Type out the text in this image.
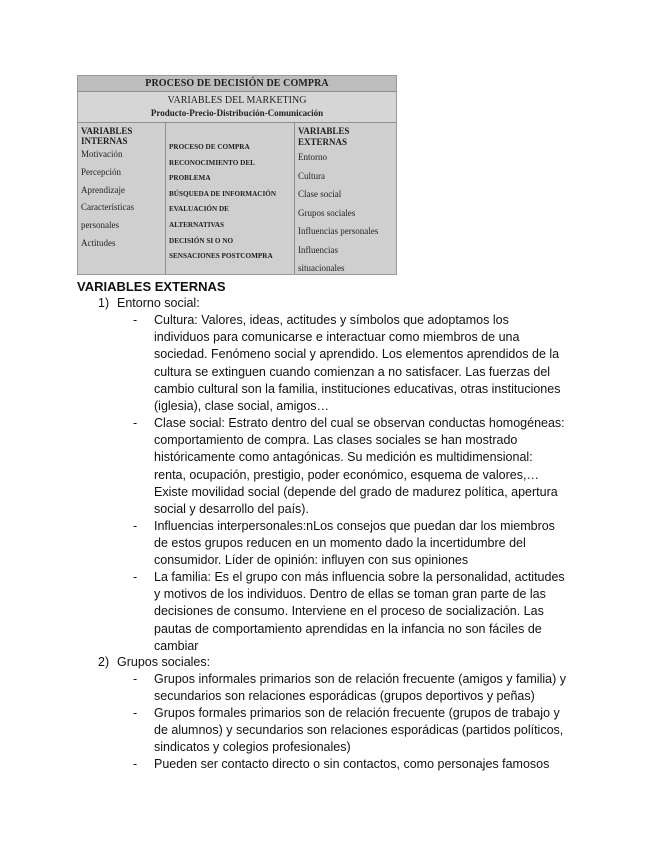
PROCESO DE DECISIÓN DE COMPRA
VARIABLES DEL MARKETING
Producto-Precio-Distribución-Comunicación
VARIABLES
INTERNAS
Motivación
Percepción
Aprendizaje
Características
personales
Actitudes
PROCESO DE COMPRA
RECONOCIMIENTO DEL
PROBLEMA
BÚSQUEDA DE INFORMACIÓN
EVALUACIÓN DE
ALTERNATIVAS
DECISIÓN SI O NO
SENSACIONES POSTCOMPRA
VARIABLES
EXTERNAS
Entorno
Cultura
Clase social
Grupos sociales
Influencias personales
Influencias
situacionales
VARIABLES EXTERNAS
1) Entorno social:
- Cultura: Valores, ideas, actitudes y símbolos que adoptamos los
individuos para comunicarse e interactuar como miembros de una
sociedad. Fenómeno social y aprendido. Los elementos aprendidos de la
cultura se extinguen cuando comienzan a no satisfacer. Las fuerzas del
cambio cultural son la familia, instituciones educativas, otras instituciones
(iglesia), clase social, amigos…
- Clase social: Estrato dentro del cual se observan conductas homogéneas:
comportamiento de compra. Las clases sociales se han mostrado
históricamente como antagónicas. Su medición es multidimensional:
renta, ocupación, prestigio, poder económico, esquema de valores,…
Existe movilidad social (depende del grado de madurez política, apertura
social y desarrollo del país).
- Influencias interpersonales:nLos consejos que puedan dar los miembros
de estos grupos reducen en un momento dado la incertidumbre del
consumidor. Líder de opinión: influyen con sus opiniones
- La familia: Es el grupo con más influencia sobre la personalidad, actitudes
y motivos de los individuos. Dentro de ellas se toman gran parte de las
decisiones de consumo. Interviene en el proceso de socialización. Las
pautas de comportamiento aprendidas en la infancia no son fáciles de
cambiar
2) Grupos sociales:
- Grupos informales primarios son de relación frecuente (amigos y familia) y
secundarios son relaciones esporádicas (grupos deportivos y peñas)
- Grupos formales primarios son de relación frecuente (grupos de trabajo y
de alumnos) y secundarios son relaciones esporádicas (partidos políticos,
sindicatos y colegios profesionales)
- Pueden ser contacto directo o sin contactos, como personajes famosos
